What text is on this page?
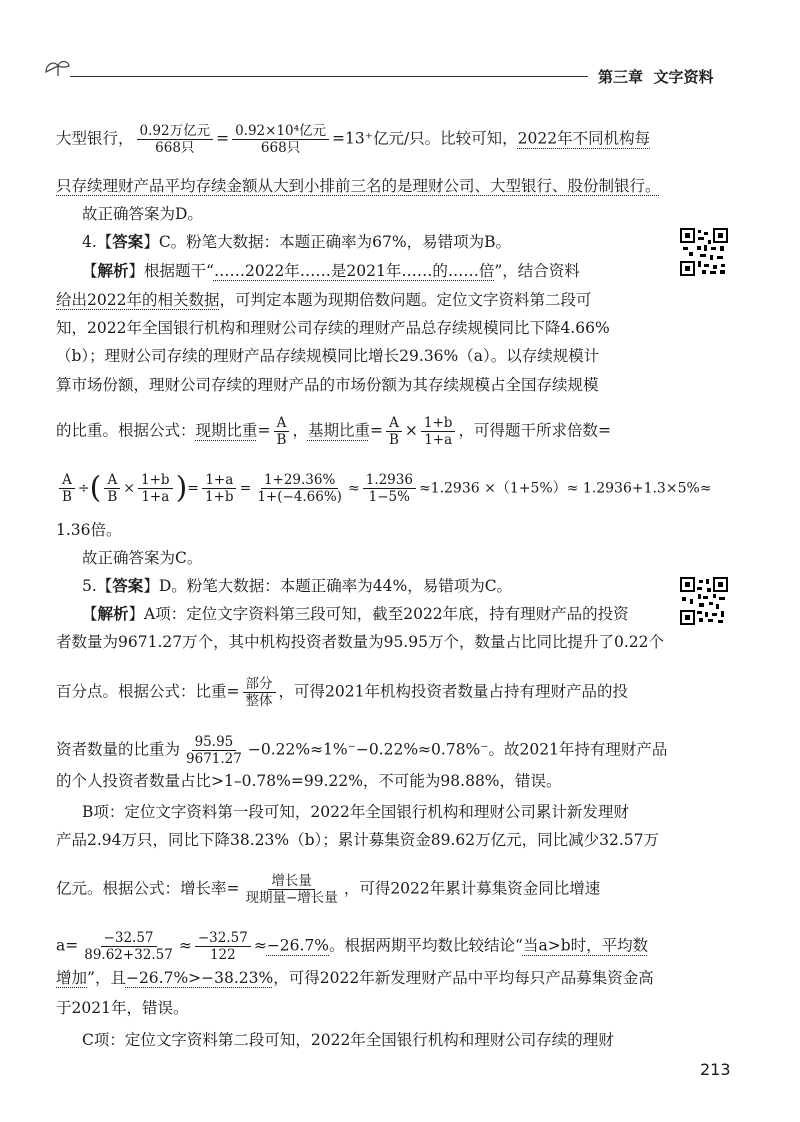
第三章 文字资料
大型银行， $\frac{\text{0.92万亿元}}{\text{668只}} = \frac{\text{0.92×10⁴亿元}}{\text{668只}} =13^+$亿元/只。比较可知，2022年不同机构每
只存续理财产品平均存续金额从大到小排前三名的是理财公司、大型银行、股份制银行。
故正确答案为D。
4.【答案】C。粉笔大数据：本题正确率为67%，易错项为B。
【解析】根据题干“……2022年……是2021年……的……倍”，结合资料
给出2022年的相关数据，可判定本题为现期倍数问题。定位文字资料第二段可
知，2022年全国银行机构和理财公司存续的理财产品总存续规模同比下降4.66%
（b）；理财公司存续的理财产品存续规模同比增长29.36%（a）。以存续规模计
算市场份额，理财公司存续的理财产品的市场份额为其存续规模占全国存续规模
的比重。根据公式：现期比重= $\frac{A}{B}$ ，基期比重= $\frac{A}{B} \times \frac{1+b}{1+a}$ ，可得题干所求倍数=
$\frac{A}{B}$ ÷( $\frac{A}{B} \times \frac{1+b}{1+a}$ )= $\frac{1+a}{1+b} = \frac{1+29.36\%}{1+(-4.66\%)} \approx \frac{1.2936}{1-5\%} \approx 1.2936 \times(1+5\%)\approx 1.2936+1.3\times 5\%\approx$
1.36倍。
故正确答案为C。
5.【答案】D。粉笔大数据：本题正确率为44%，易错项为C。
【解析】A项：定位文字资料第三段可知，截至2022年底，持有理财产品的投资
者数量为9671.27万个，其中机构投资者数量为95.95万个，数量占比同比提升了0.22个
百分点。根据公式：比重= $\frac{\text{部分}}{\text{整体}}$ ，可得2021年机构投资者数量占持有理财产品的投
资者数量的比重为 $\frac{95.95}{9671.27} -0.22\%\approx 1\%^--0.22\%\approx 0.78\%^-$。故2021年持有理财产品
的个人投资者数量占比>1–0.78%=99.22%，不可能为98.88%，错误。
B项：定位文字资料第一段可知，2022年全国银行机构和理财公司累计新发理财
产品2.94万只，同比下降38.23%（b）；累计募集资金89.62万亿元，同比减少32.57万
亿元。根据公式：增长率= $\frac{\text{增长量}}{\text{现期量−增长量}}$ ，可得2022年累计募集资金同比增速
$a= \frac{-32.57}{89.62+32.57} \approx \frac{-32.57}{122} \approx-26.7\%$。根据两期平均数比较结论“当a>b时，平均数
增加”，且−26.7%>−38.23%，可得2022年新发理财产品中平均每只产品募集资金高
于2021年，错误。
C项：定位文字资料第二段可知，2022年全国银行机构和理财公司存续的理财
213
